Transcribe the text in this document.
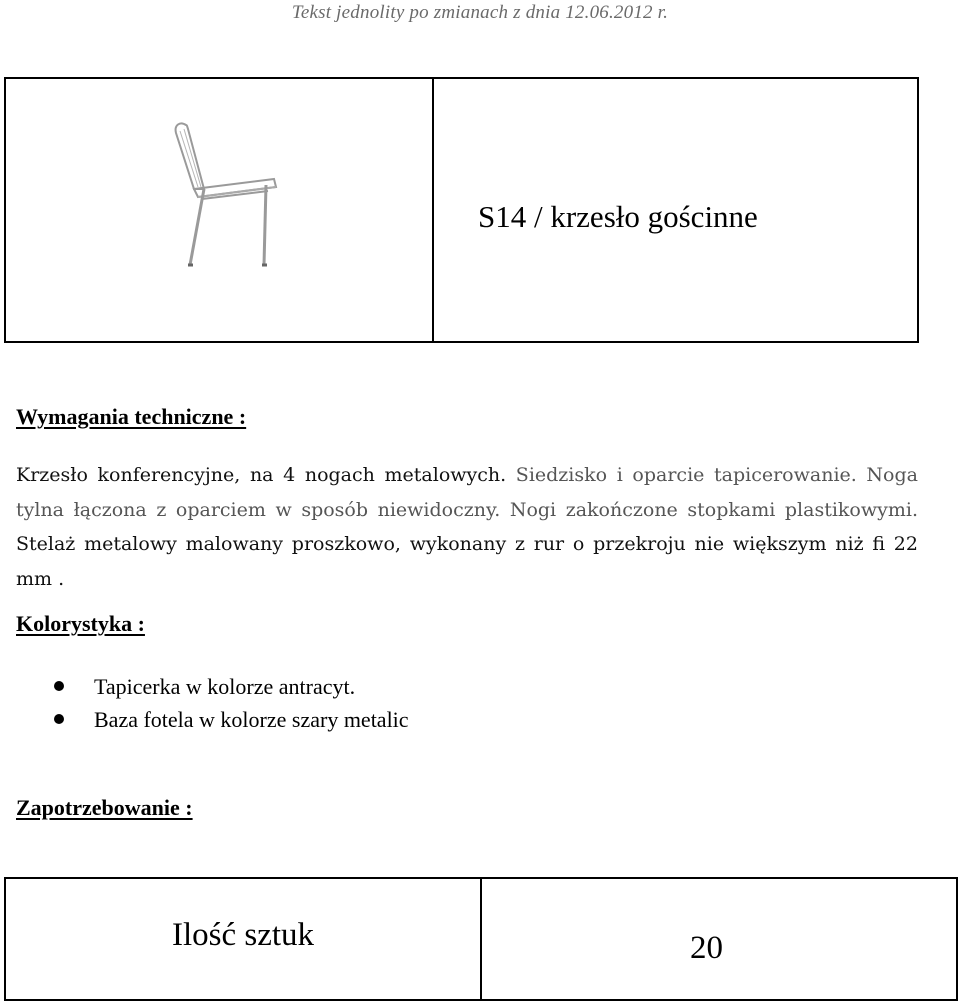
Tekst jednolity po zmianach z dnia 12.06.2012 r.
S14 / krzesło gościnne
Wymagania techniczne :
Krzesło konferencyjne, na 4 nogach metalowych. Siedzisko i oparcie tapicerowanie. Noga tylna łączona z oparciem w sposób niewidoczny. Nogi zakończone stopkami plastikowymi. Stelaż metalowy malowany proszkowo, wykonany z rur o przekroju nie większym niż fi 22 mm .
Kolorystyka :
Tapicerka w kolorze antracyt.
Baza fotela w kolorze szary metalic
Zapotrzebowanie :
Ilość sztuk	20
